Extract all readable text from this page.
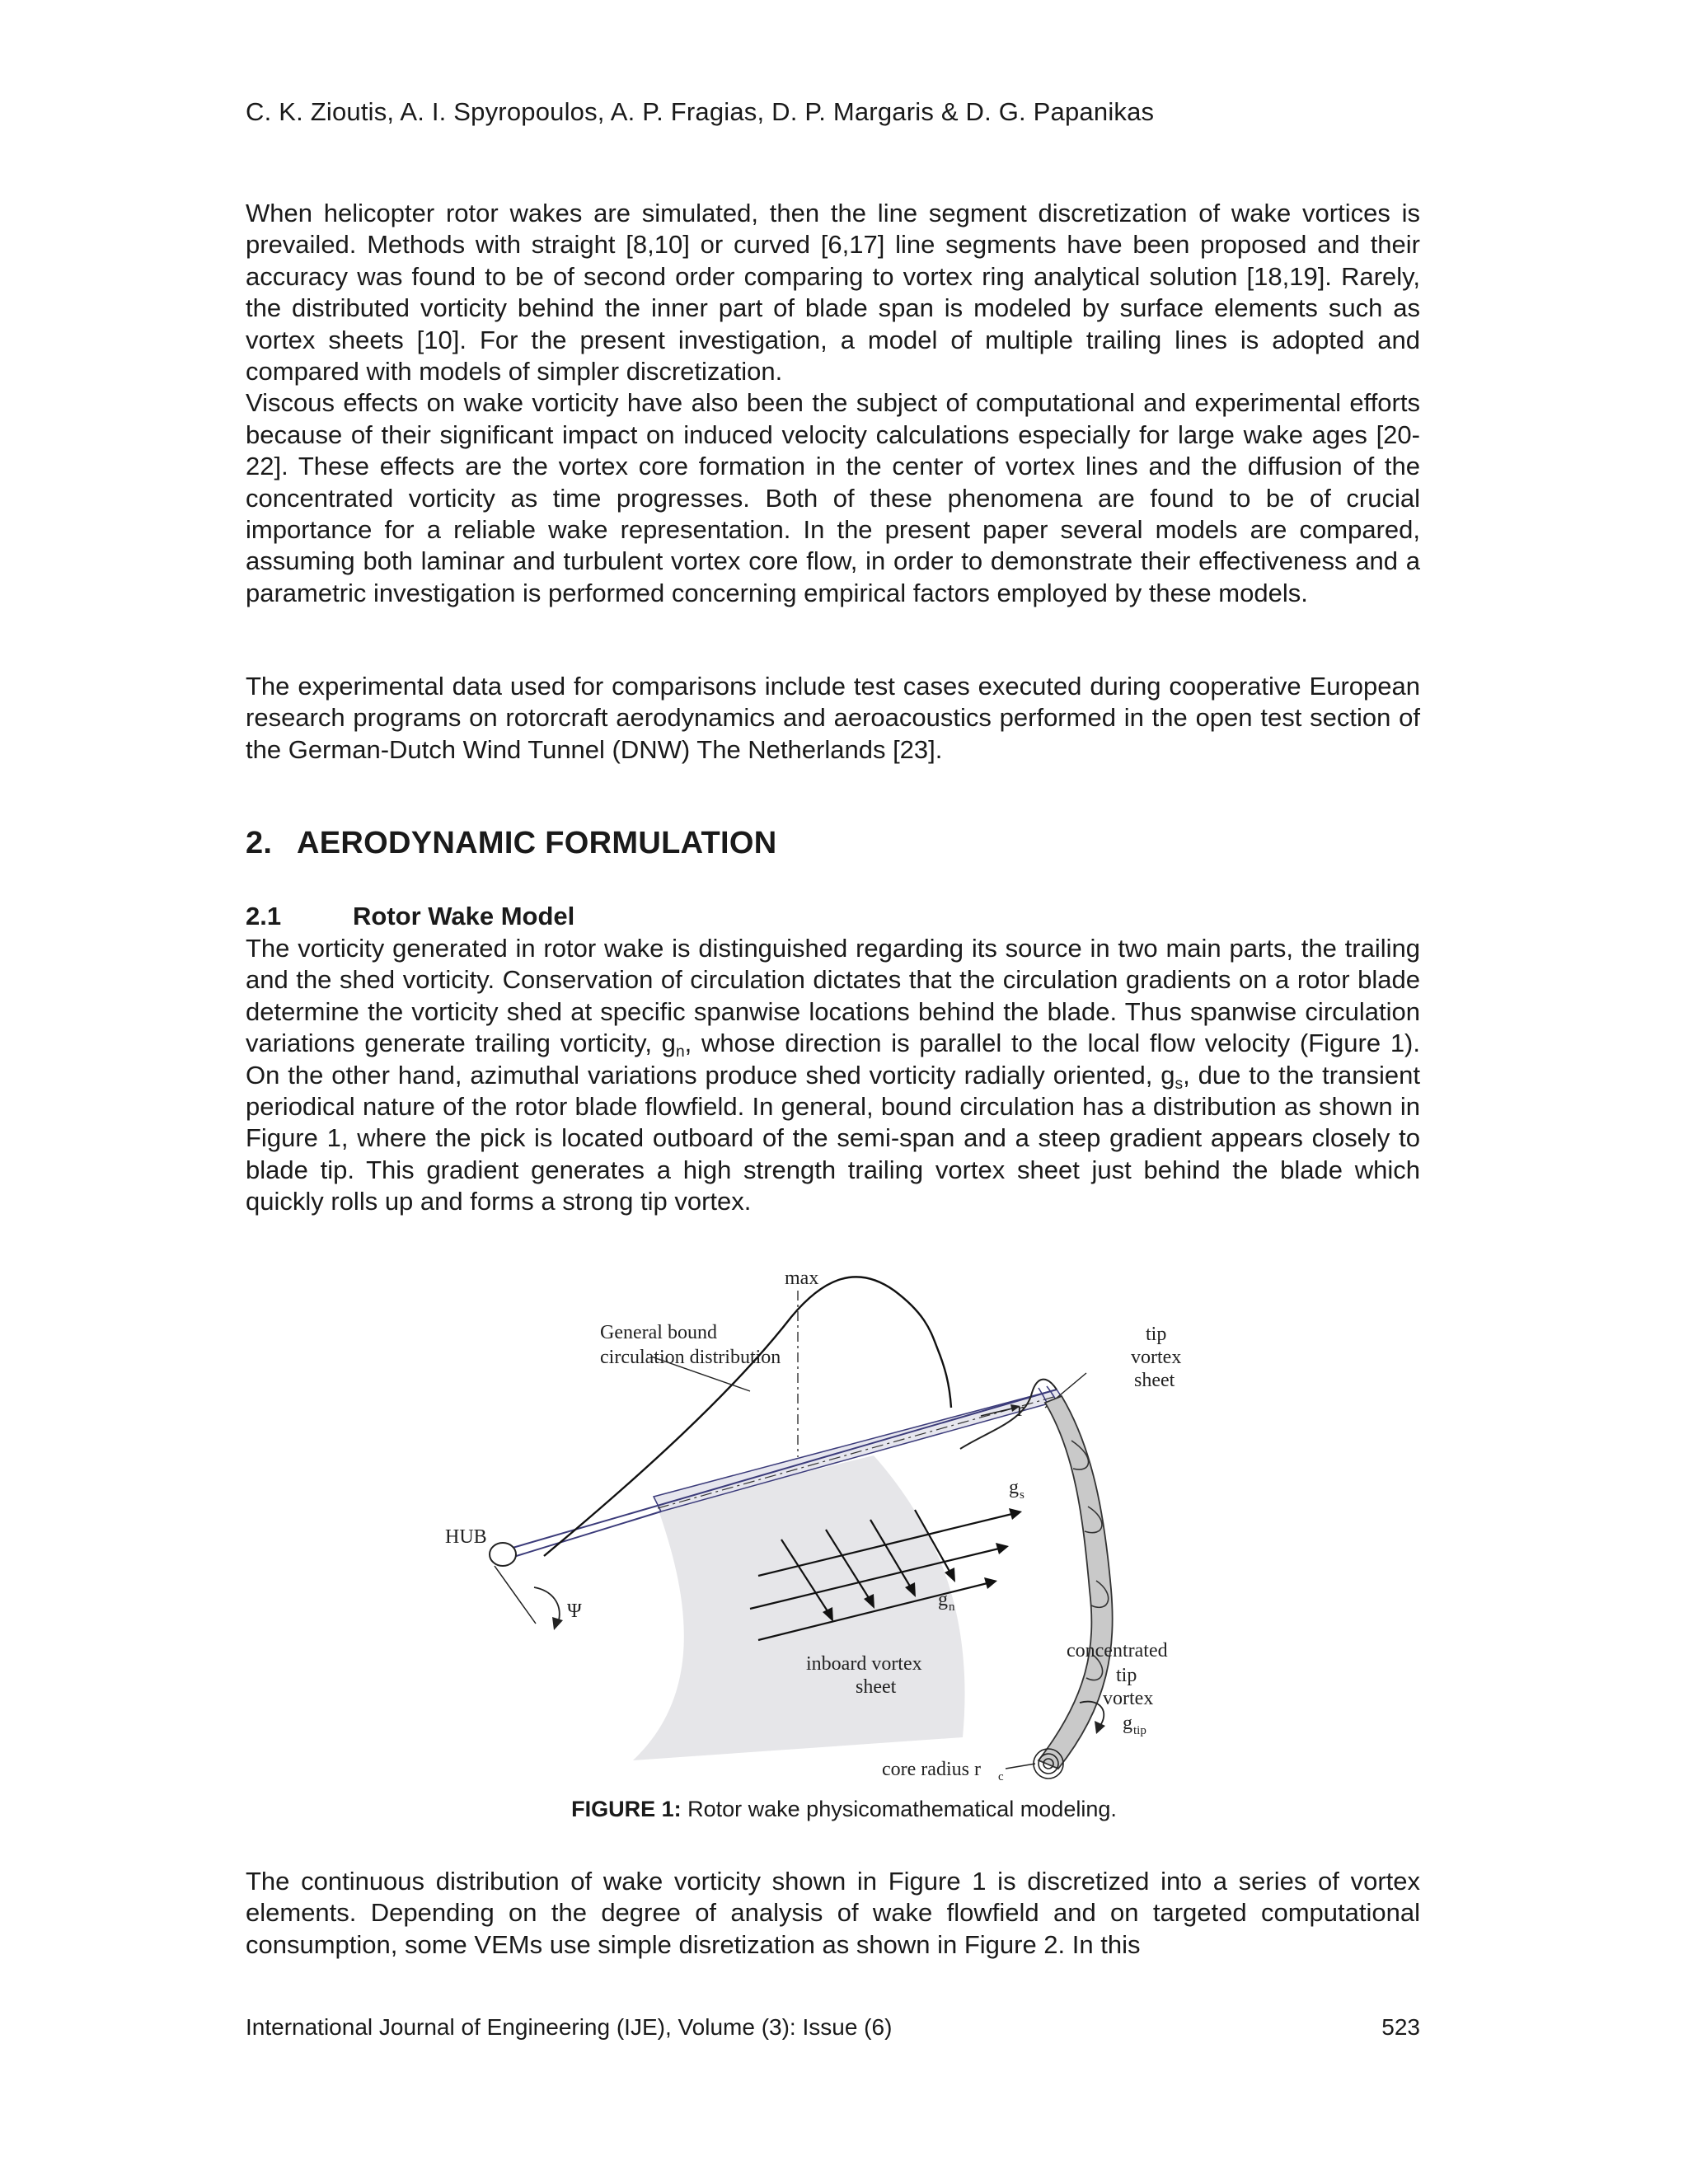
C. K. Zioutis, A. I. Spyropoulos, A. P. Fragias, D. P. Margaris & D. G. Papanikas

When helicopter rotor wakes are simulated, then the line segment discretization of wake vortices is prevailed. Methods with straight [8,10] or curved [6,17] line segments have been proposed and their accuracy was found to be of second order comparing to vortex ring analytical solution [18,19]. Rarely, the distributed vorticity behind the inner part of blade span is modeled by surface elements such as vortex sheets [10]. For the present investigation, a model of multiple trailing lines is adopted and compared with models of simpler discretization.

Viscous effects on wake vorticity have also been the subject of computational and experimental efforts because of their significant impact on induced velocity calculations especially for large wake ages [20-22]. These effects are the vortex core formation in the center of vortex lines and the diffusion of the concentrated vorticity as time progresses. Both of these phenomena are found to be of crucial importance for a reliable wake representation. In the present paper several models are compared, assuming both laminar and turbulent vortex core flow, in order to demonstrate their effectiveness and a parametric investigation is performed concerning empirical factors employed by these models.

The experimental data used for comparisons include test cases executed during cooperative European research programs on rotorcraft aerodynamics and aeroacoustics performed in the open test section of the German-Dutch Wind Tunnel (DNW) The Netherlands [23].

2. AERODYNAMIC FORMULATION
2.1	Rotor Wake Model

The vorticity generated in rotor wake is distinguished regarding its source in two main parts, the trailing and the shed vorticity. Conservation of circulation dictates that the circulation gradients on a rotor blade determine the vorticity shed at specific spanwise locations behind the blade. Thus spanwise circulation variations generate trailing vorticity, $g_n$, whose direction is parallel to the local flow velocity (Figure 1). On the other hand, azimuthal variations produce shed vorticity radially oriented, $g_s$, due to the transient periodical nature of the rotor blade flowfield. In general, bound circulation has a distribution as shown in Figure 1, where the pick is located outboard of the semi-span and a steep gradient appears closely to blade tip. This gradient generates a high strength trailing vortex sheet just behind the blade which quickly rolls up and forms a strong tip vortex.

General bound
circulation distribution
max
tip
vortex
sheet
r
HUB
Ψ
g s
g n
inboard vortex
sheet
concentrated
tip
vortex
g tip
core radius r c
FIGURE 1: Rotor wake physicomathematical modeling.

The continuous distribution of wake vorticity shown in Figure 1 is discretized into a series of vortex elements. Depending on the degree of analysis of wake flowfield and on targeted computational consumption, some VEMs use simple disretization as shown in Figure 2. In this

International Journal of Engineering (IJE), Volume (3): Issue (6)	523
